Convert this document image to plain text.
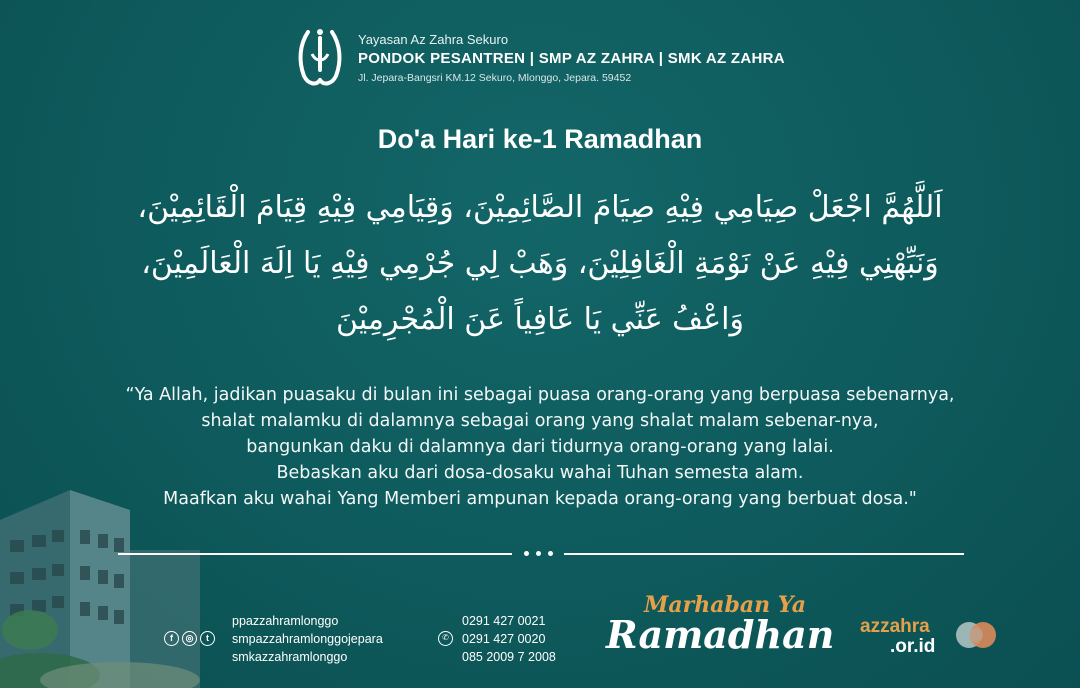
Yayasan Az Zahra Sekuro
PONDOK PESANTREN | SMP AZ ZAHRA | SMK AZ ZAHRA
Jl. Jepara-Bangsri KM.12 Sekuro, Mlonggo, Jepara. 59452
Do'a Hari ke-1 Ramadhan
اَللَّهُمَّ اجْعَلْ صِيَامِي فِيْهِ صِيَامَ الصَّائِمِيْنَ، وَقِيَامِي فِيْهِ قِيَامَ الْقَائِمِيْنَ،
وَنَبِّهْنِي فِيْهِ عَنْ نَوْمَةِ الْغَافِلِيْنَ، وَهَبْ لِي جُرْمِي فِيْهِ يَا اِلَهَ الْعَالَمِيْنَ،
وَاعْفُ عَنِّي يَا عَافِياً عَنَ الْمُجْرِمِيْنَ
“Ya Allah, jadikan puasaku di bulan ini sebagai puasa orang-orang yang berpuasa sebenarnya,
shalat malamku di dalamnya sebagai orang yang shalat malam sebenar-nya,
bangunkan daku di dalamnya dari tidurnya orang-orang yang lalai.
Bebaskan aku dari dosa-dosaku wahai Tuhan semesta alam.
Maafkan aku wahai Yang Memberi ampunan kepada orang-orang yang berbuat dosa."
f	◎	t
ppazzahramlonggo
smpazzahramlonggojepara
smkazzahramlonggo
✆
0291 427 0021
0291 427 0020
085 2009 7 2008
Marhaban Ya
Ramadhan azzahra
.or.id
